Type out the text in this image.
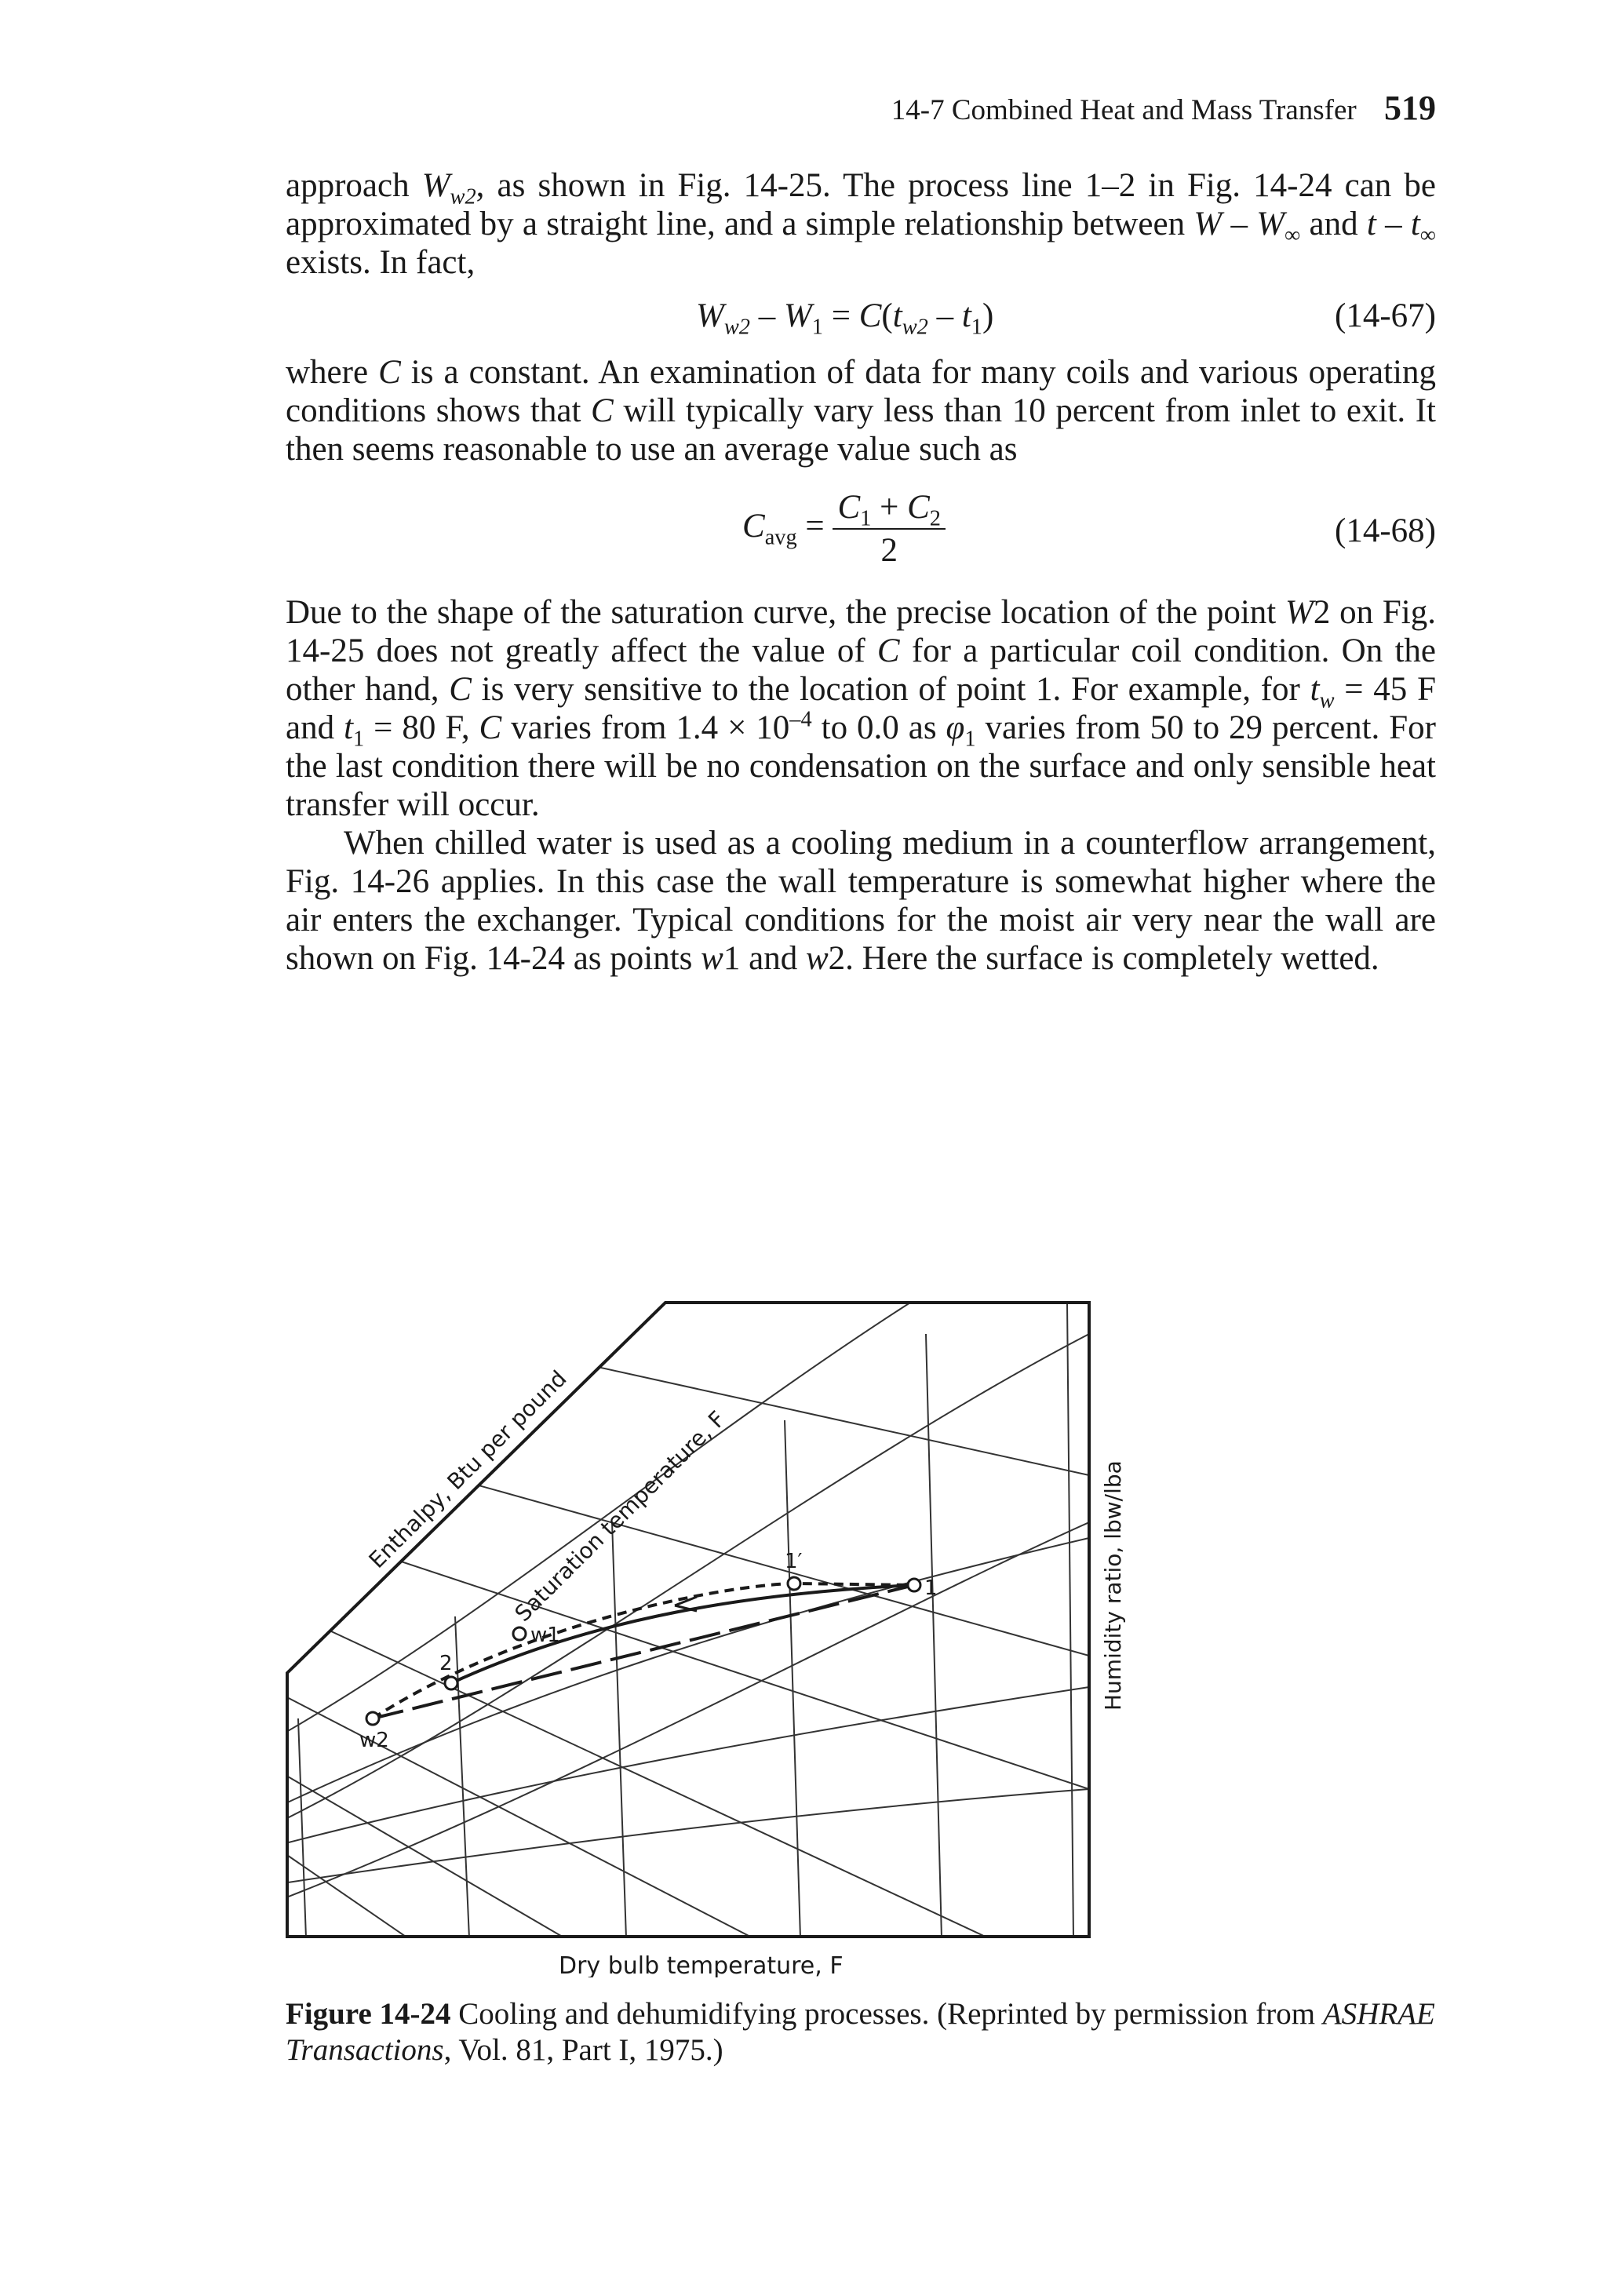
14-7 Combined Heat and Mass Transfer 519

approach $W_{w2}$, as shown in Fig. 14-25. The process line 1–2 in Fig. 14-24 can be approximated by a straight line, and a simple relationship between W – $W_\infty$ and t – $t_\infty$ exists. In fact,

$W_{w2} - W_1 = C(t_{w2} - t_1)$	(14-67)

where C is a constant. An examination of data for many coils and various operating conditions shows that C will typically vary less than 10 percent from inlet to exit. It then seems reasonable to use an average value such as

$C_{avg} = \frac{C_1 + C_2}{2}$	(14-68)

Due to the shape of the saturation curve, the precise location of the point W2 on Fig. 14-25 does not greatly affect the value of C for a particular coil condition. On the other hand, C is very sensitive to the location of point 1. For example, for $t_w = 45$ F and $t_1 = 80$ F, C varies from $1.4 \times 10^{-4}$ to 0.0 as $\varphi_1$ varies from 50 to 29 percent. For the last condition there will be no condensation on the surface and only sensible heat transfer will occur.

When chilled water is used as a cooling medium in a counterflow arrangement, Fig. 14-26 applies. In this case the wall temperature is somewhat higher where the air enters the exchanger. Typical conditions for the moist air very near the wall are shown on Fig. 14-24 as points w1 and w2. Here the surface is completely wetted.

1
1′
w1
2
w2
Enthalpy, Btu per pound
Saturation temperature, F	Humidity ratio, lbw/lba
Dry bulb temperature, F
Figure 14-24 Cooling and dehumidifying processes. (Reprinted by permission from ASHRAE Transactions, Vol. 81, Part I, 1975.)
